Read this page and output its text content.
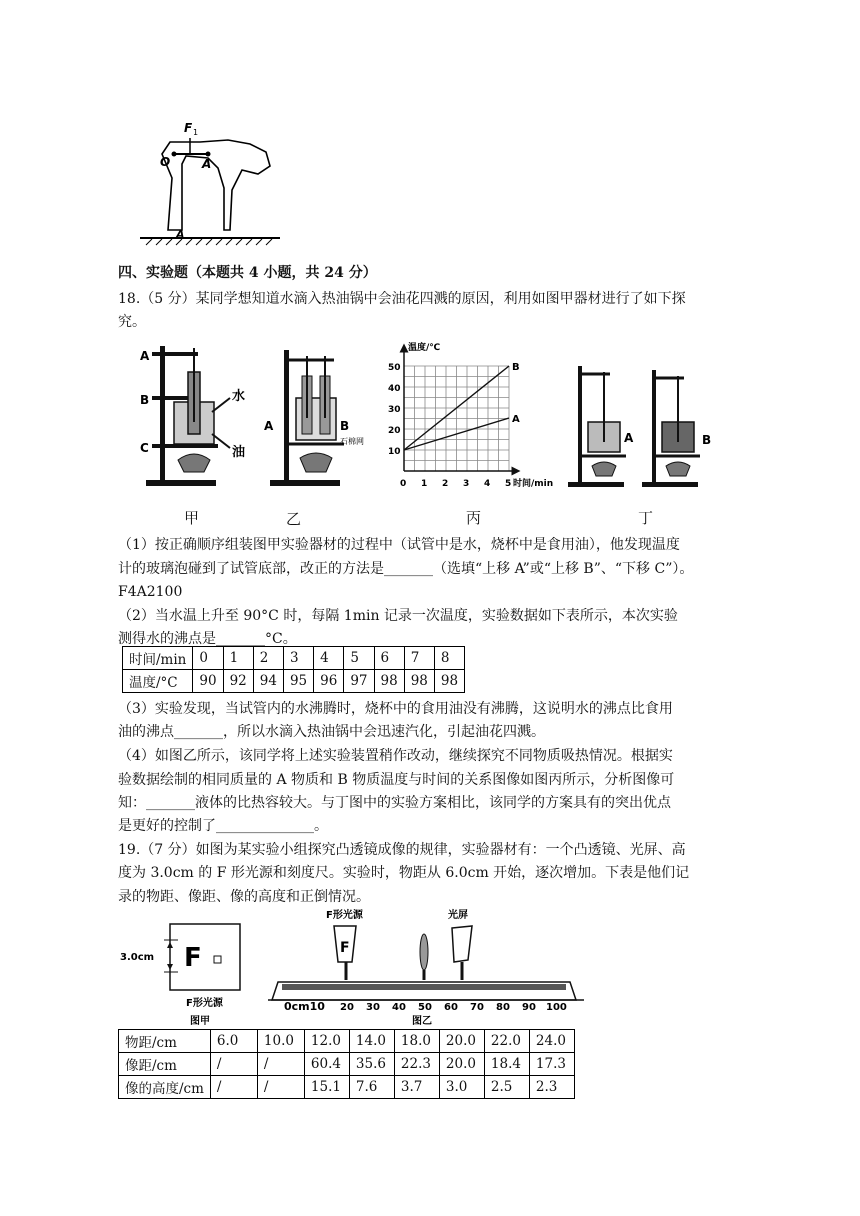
F 1
O	A
A
四、实验题（本题共 4 小题，共 24 分）
18.（5 分）某同学想知道水滴入热油锅中会油花四溅的原因，利用如图甲器材进行了如下探
究。
A
B
C
水
油
甲
A	B
石棉网
乙
温度/℃
50
40
30
20
10
0 1 2 3 4 5 时间/min
B
A
丙
A	B
丁
（1）按正确顺序组装图甲实验器材的过程中（试管中是水，烧杯中是食用油），他发现温度
计的玻璃泡碰到了试管底部，改正的方法是_______（选填“上移 A”或“上移 B”、“下移 C”）。
F4A2100
（2）当水温上升至 90°C 时，每隔 1min 记录一次温度，实验数据如下表所示，本次实验
测得水的沸点是_______°C。
时间/min	0	1	2	3	4	5	6	7	8
温度/°C	90	92	94	95	96	97	98	98	98
（3）实验发现，当试管内的水沸腾时，烧杯中的食用油没有沸腾，这说明水的沸点比食用
油的沸点_______，所以水滴入热油锅中会迅速汽化，引起油花四溅。
（4）如图乙所示，该同学将上述实验装置稍作改动，继续探究不同物质吸热情况。根据实
验数据绘制的相同质量的 A 物质和 B 物质温度与时间的关系图像如图丙所示，分析图像可
知：_______液体的比热容较大。与丁图中的实验方案相比，该同学的方案具有的突出优点
是更好的控制了______________。
19.（7 分）如图为某实验小组探究凸透镜成像的规律，实验器材有：一个凸透镜、光屏、高
度为 3.0cm 的 F 形光源和刻度尺。实验时，物距从 6.0cm 开始，逐次增加。下表是他们记
录的物距、像距、像的高度和正倒情况。
3.0cm F
F形光源
图甲
F形光源	光屏
F
0cm10 20 30 40 50 60 70 80 90 100
图乙
物距/cm	6.0	10.0	12.0	14.0	18.0	20.0	22.0	24.0
像距/cm	/	/	60.4	35.6	22.3	20.0	18.4	17.3
像的高度/cm	/	/	15.1	7.6	3.7	3.0	2.5	2.3
